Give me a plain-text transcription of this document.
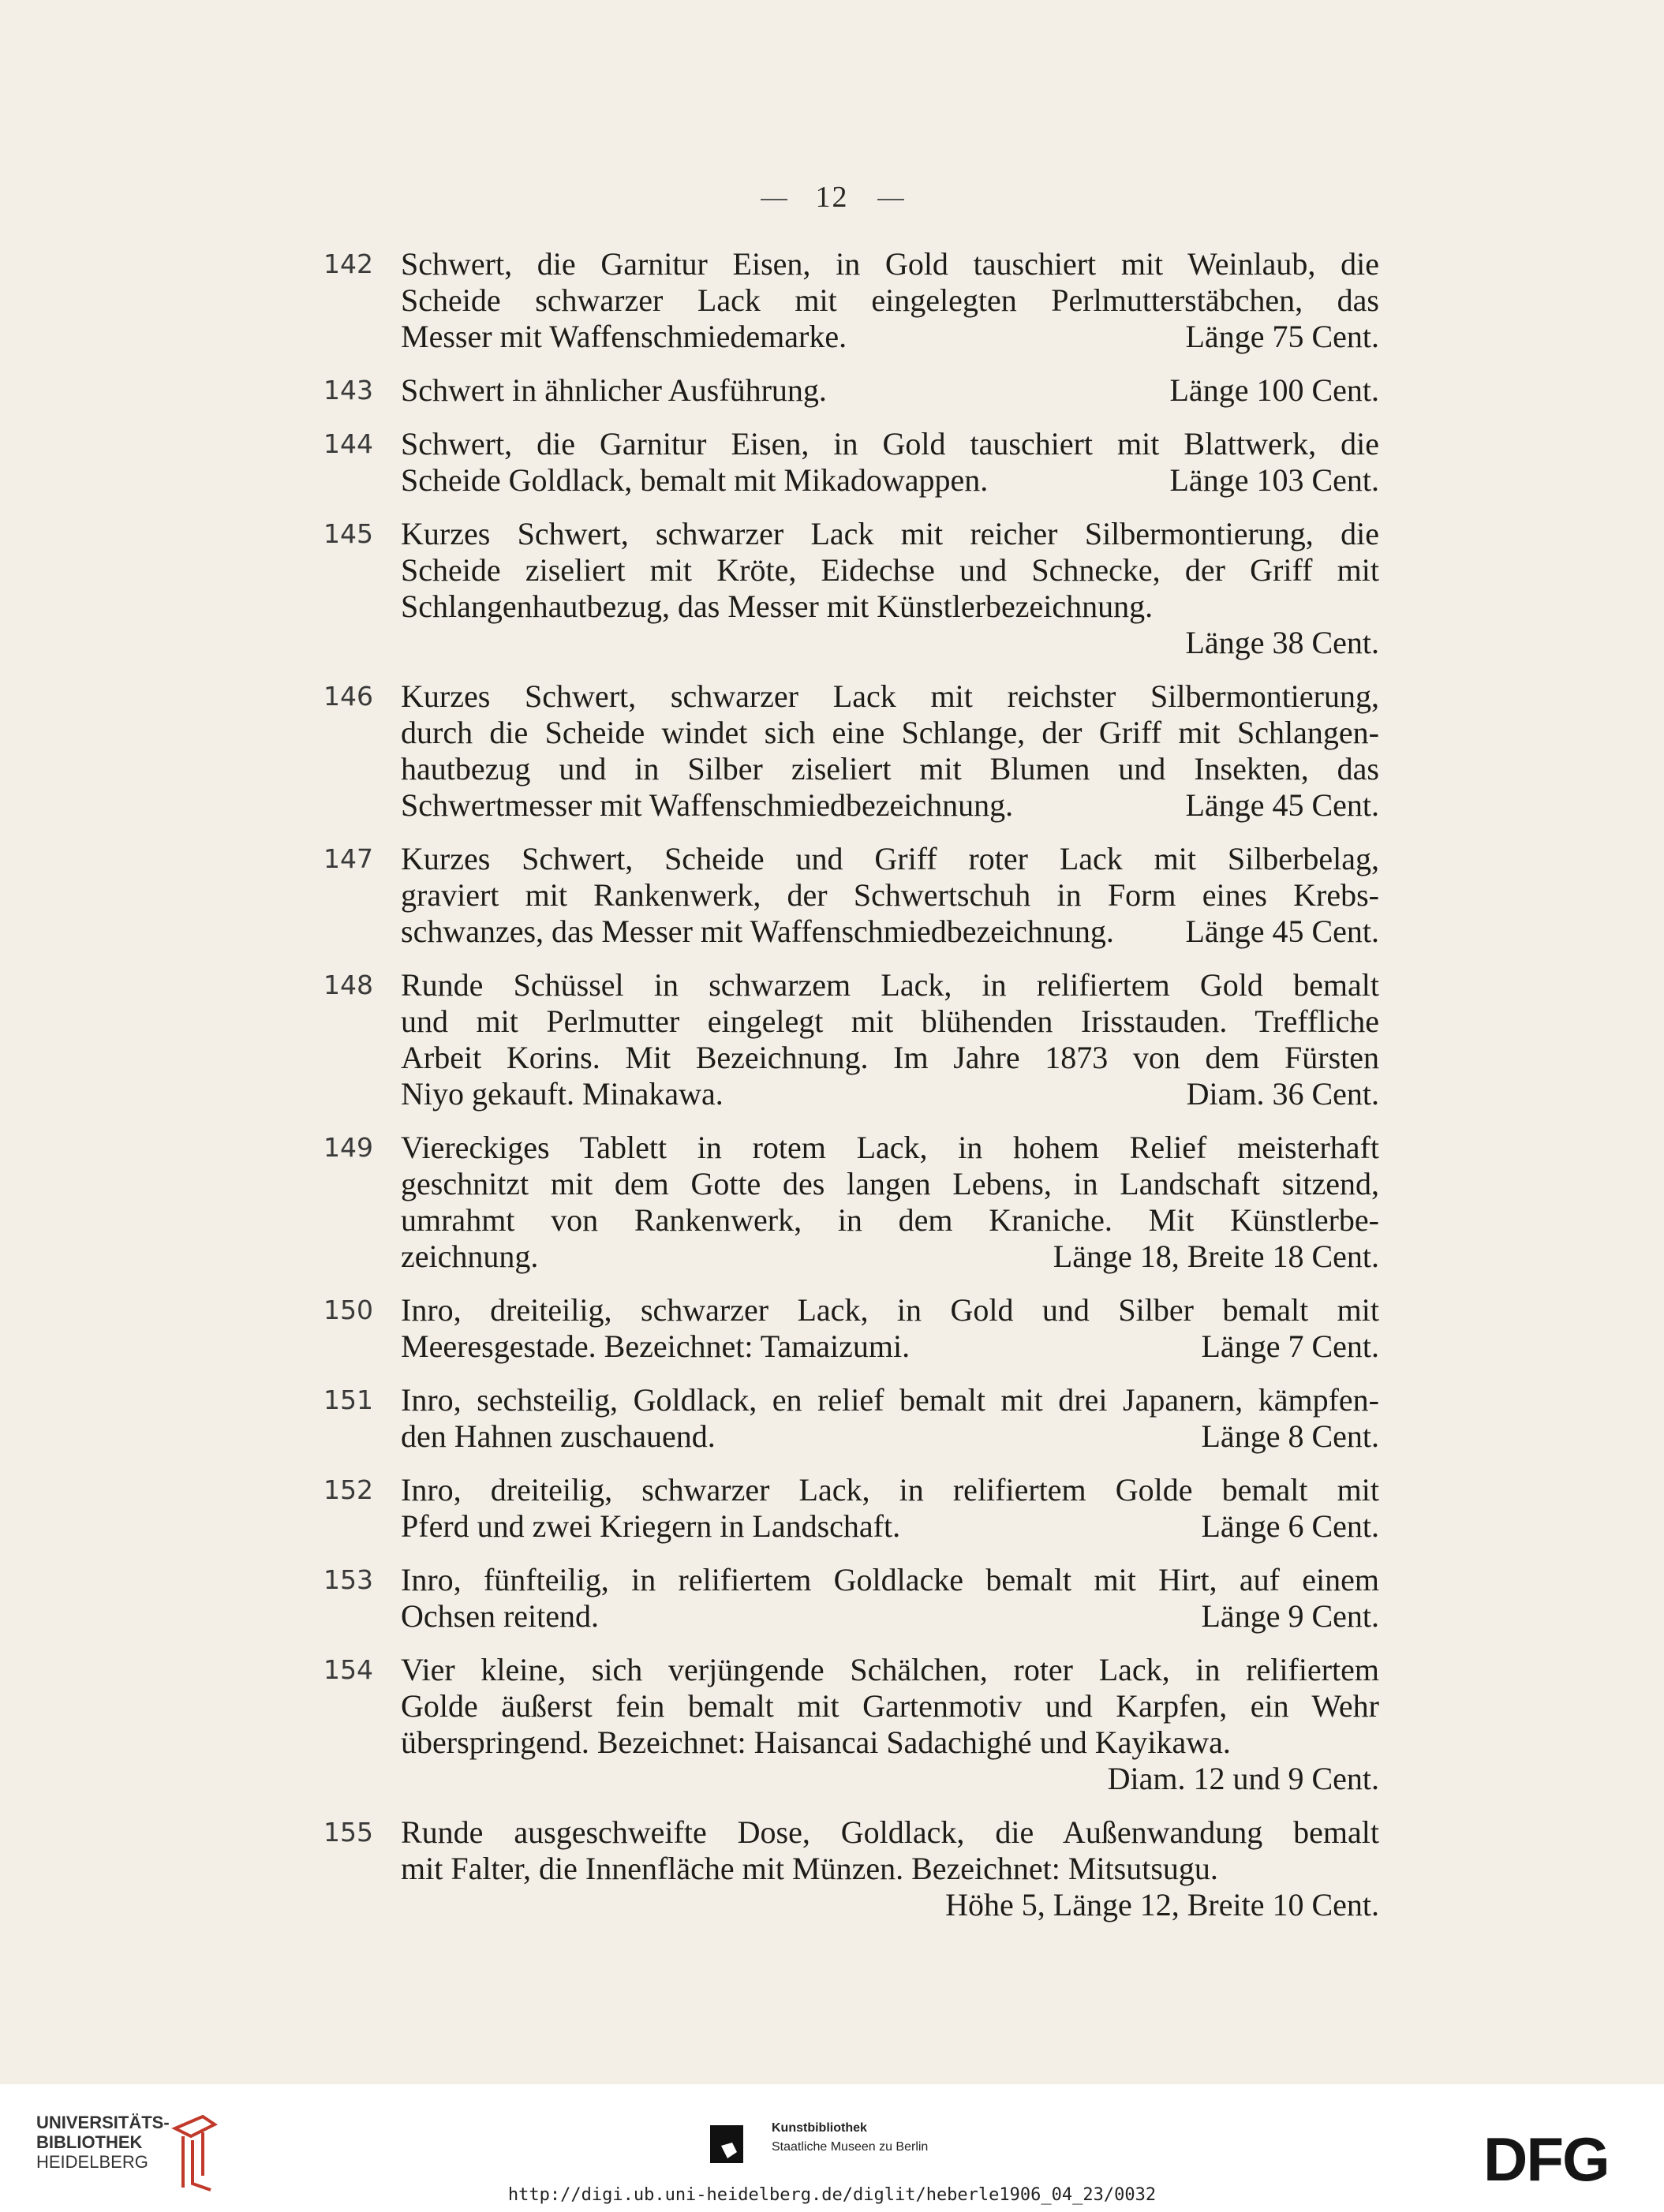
12
142 Schwert, die Garnitur Eisen, in Gold tauschiert mit Weinlaub, die
Scheide schwarzer Lack mit eingelegten Perlmutterstäbchen, das
Messer mit Waffenschmiedemarke.	Länge 75 Cent.
143 Schwert in ähnlicher Ausführung.	Länge 100 Cent.
144 Schwert, die Garnitur Eisen, in Gold tauschiert mit Blattwerk, die
Scheide Goldlack, bemalt mit Mikadowappen.	Länge 103 Cent.
145 Kurzes Schwert, schwarzer Lack mit reicher Silbermontierung, die
Scheide ziseliert mit Kröte, Eidechse und Schnecke, der Griff mit
Schlangenhautbezug, das Messer mit Künstlerbezeichnung.
Länge 38 Cent.
146 Kurzes Schwert, schwarzer Lack mit reichster Silbermontierung,
durch die Scheide windet sich eine Schlange, der Griff mit Schlangen-
hautbezug und in Silber ziseliert mit Blumen und Insekten, das
Schwertmesser mit Waffenschmiedbezeichnung.	Länge 45 Cent.
147 Kurzes Schwert, Scheide und Griff roter Lack mit Silberbelag,
graviert mit Rankenwerk, der Schwertschuh in Form eines Krebs-
schwanzes, das Messer mit Waffenschmiedbezeichnung. Länge 45 Cent.
148 Runde Schüssel in schwarzem Lack, in relifiertem Gold bemalt
und mit Perlmutter eingelegt mit blühenden Irisstauden. Treffliche
Arbeit Korins. Mit Bezeichnung. Im Jahre 1873 von dem Fürsten
Niyo gekauft. Minakawa.	Diam. 36 Cent.
149 Viereckiges Tablett in rotem Lack, in hohem Relief meisterhaft
geschnitzt mit dem Gotte des langen Lebens, in Landschaft sitzend,
umrahmt von Rankenwerk, in dem Kraniche. Mit Künstlerbe-
zeichnung.	Länge 18, Breite 18 Cent.
150 Inro, dreiteilig, schwarzer Lack, in Gold und Silber bemalt mit
Meeresgestade. Bezeichnet: Tamaizumi.	Länge 7 Cent.
151 Inro, sechsteilig, Goldlack, en relief bemalt mit drei Japanern, kämpfen-
den Hahnen zuschauend.	Länge 8 Cent.
152 Inro, dreiteilig, schwarzer Lack, in relifiertem Golde bemalt mit
Pferd und zwei Kriegern in Landschaft.	Länge 6 Cent.
153 Inro, fünfteilig, in relifiertem Goldlacke bemalt mit Hirt, auf einem
Ochsen reitend.	Länge 9 Cent.
154 Vier kleine, sich verjüngende Schälchen, roter Lack, in relifiertem
Golde äußerst fein bemalt mit Gartenmotiv und Karpfen, ein Wehr
überspringend. Bezeichnet: Haisancai Sadachighé und Kayikawa.
Diam. 12 und 9 Cent.
155 Runde ausgeschweifte Dose, Goldlack, die Außenwandung bemalt
mit Falter, die Innenfläche mit Münzen. Bezeichnet: Mitsutsugu.
Höhe 5, Länge 12, Breite 10 Cent.
UNIVERSITÄTS-
BIBLIOTHEK
HEIDELBERG
Kunstbibliothek
Staatliche Museen zu Berlin	DFG
http://digi.ub.uni-heidelberg.de/diglit/heberle1906_04_23/0032
